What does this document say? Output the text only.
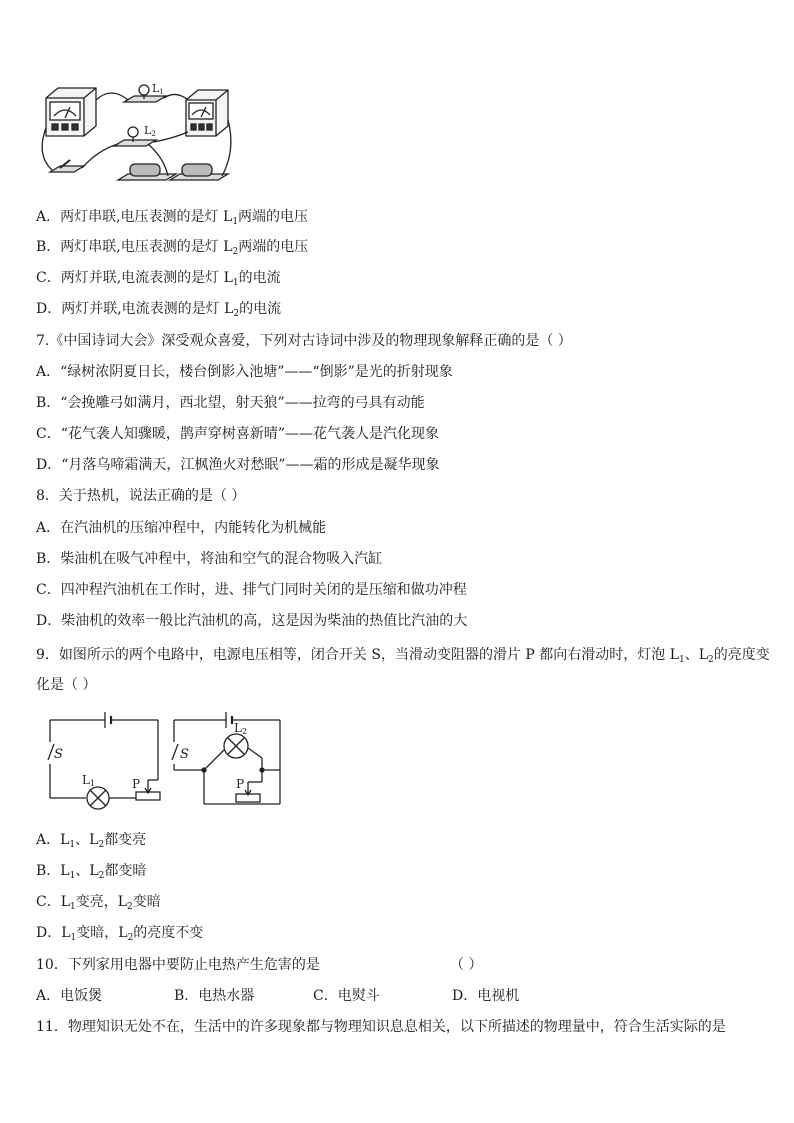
L1
L2
A．两灯串联,电压表测的是灯 $L_1$两端的电压
B．两灯串联,电压表测的是灯 $L_2$两端的电压
C．两灯并联,电流表测的是灯 $L_1$的电流
D．两灯并联,电流表测的是灯 $L_2$的电流
7.《中国诗词大会》深受观众喜爱，下列对古诗词中涉及的物理现象解释正确的是（ ）
A．“绿树浓阴夏日长，楼台倒影入池塘”——“倒影”是光的折射现象
B．“会挽雕弓如满月，西北望，射天狼”——拉弯的弓具有动能
C．“花气袭人知骤暖，鹊声穿树喜新晴”——花气袭人是汽化现象
D．“月落乌啼霜满天，江枫渔火对愁眠”——霜的形成是凝华现象
8．关于热机，说法正确的是（ ）
A．在汽油机的压缩冲程中，内能转化为机械能
B．柴油机在吸气冲程中，将油和空气的混合物吸入汽缸
C．四冲程汽油机在工作时，进、排气门同时关闭的是压缩和做功冲程
D．柴油机的效率一般比汽油机的高，这是因为柴油的热值比汽油的大
9．如图所示的两个电路中，电源电压相等，闭合开关 S，当滑动变阻器的滑片 P 都向右滑动时，灯泡 $L_1$、$L_2$的亮度变
化是（ ）
S	S
L1	P
L2
P
A．$L_1$、$L_2$都变亮
B．$L_1$、$L_2$都变暗
C．$L_1$变亮，$L_2$变暗
D．$L_1$变暗，$L_2$的亮度不变
10．下列家用电器中要防止电热产生危害的是	（ ）
A．电饭煲	B．电热水器	C．电熨斗	D．电视机
11．物理知识无处不在，生活中的许多现象都与物理知识息息相关，以下所描述的物理量中，符合生活实际的是
